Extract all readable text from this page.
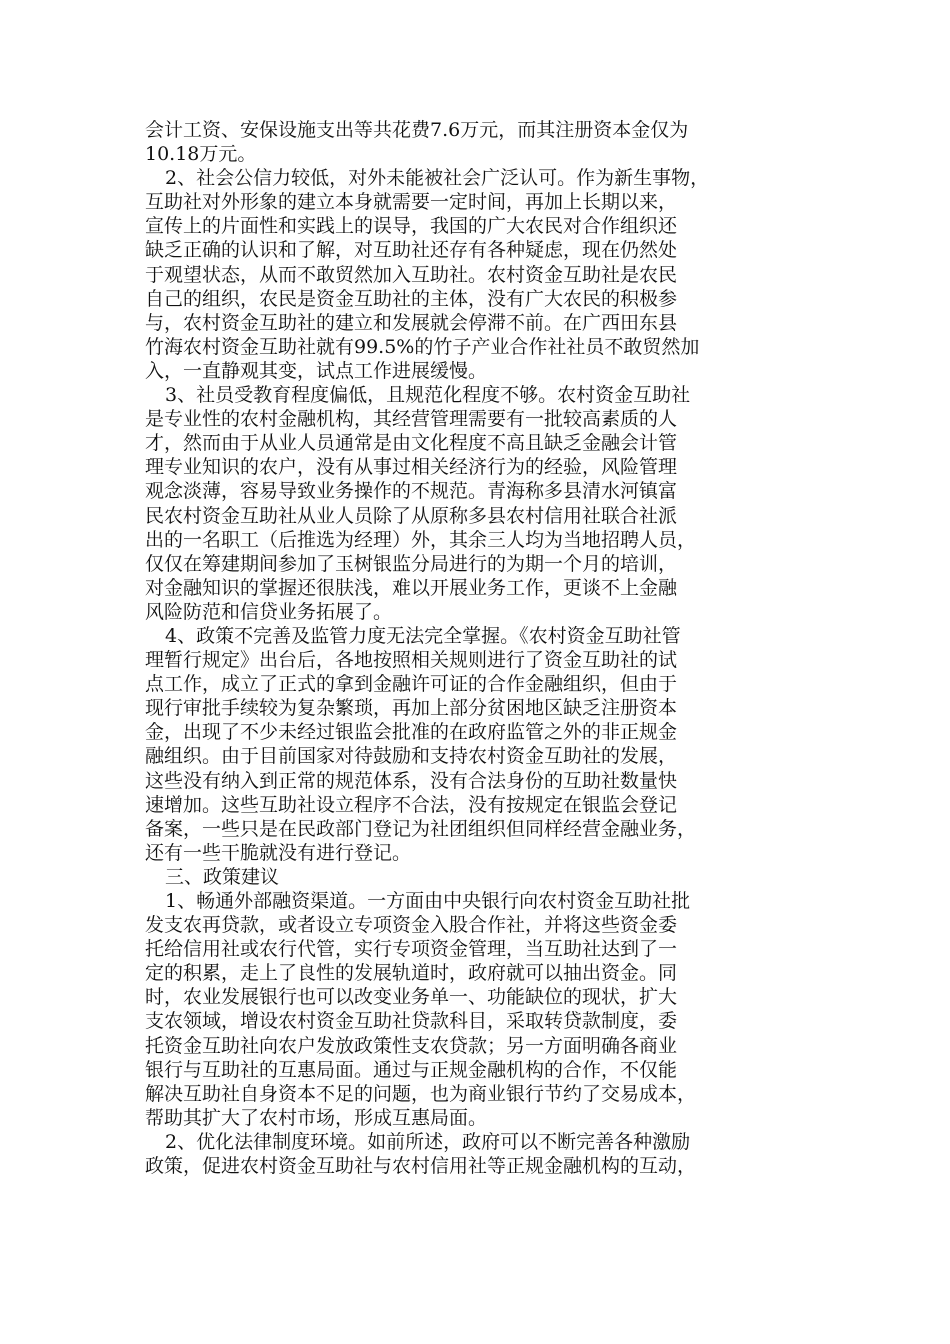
会计工资、安保设施支出等共花费7.6万元，而其注册资本金仅为
10.18万元。
2、社会公信力较低，对外未能被社会广泛认可。作为新生事物，
互助社对外形象的建立本身就需要一定时间，再加上长期以来，
宣传上的片面性和实践上的误导，我国的广大农民对合作组织还
缺乏正确的认识和了解，对互助社还存有各种疑虑，现在仍然处
于观望状态，从而不敢贸然加入互助社。农村资金互助社是农民
自己的组织，农民是资金互助社的主体，没有广大农民的积极参
与，农村资金互助社的建立和发展就会停滞不前。在广西田东县
竹海农村资金互助社就有99.5%的竹子产业合作社社员不敢贸然加
入，一直静观其变，试点工作进展缓慢。
3、社员受教育程度偏低，且规范化程度不够。农村资金互助社
是专业性的农村金融机构，其经营管理需要有一批较高素质的人
才，然而由于从业人员通常是由文化程度不高且缺乏金融会计管
理专业知识的农户，没有从事过相关经济行为的经验，风险管理
观念淡薄，容易导致业务操作的不规范。青海称多县清水河镇富
民农村资金互助社从业人员除了从原称多县农村信用社联合社派
出的一名职工（后推选为经理）外，其余三人均为当地招聘人员，
仅仅在筹建期间参加了玉树银监分局进行的为期一个月的培训，
对金融知识的掌握还很肤浅，难以开展业务工作，更谈不上金融
风险防范和信贷业务拓展了。
4、政策不完善及监管力度无法完全掌握。《农村资金互助社管
理暂行规定》出台后，各地按照相关规则进行了资金互助社的试
点工作，成立了正式的拿到金融许可证的合作金融组织，但由于
现行审批手续较为复杂繁琐，再加上部分贫困地区缺乏注册资本
金，出现了不少未经过银监会批准的在政府监管之外的非正规金
融组织。由于目前国家对待鼓励和支持农村资金互助社的发展，
这些没有纳入到正常的规范体系，没有合法身份的互助社数量快
速增加。这些互助社设立程序不合法，没有按规定在银监会登记
备案，一些只是在民政部门登记为社团组织但同样经营金融业务，
还有一些干脆就没有进行登记。
三、政策建议
1、畅通外部融资渠道。一方面由中央银行向农村资金互助社批
发支农再贷款，或者设立专项资金入股合作社，并将这些资金委
托给信用社或农行代管，实行专项资金管理，当互助社达到了一
定的积累，走上了良性的发展轨道时，政府就可以抽出资金。同
时，农业发展银行也可以改变业务单一、功能缺位的现状，扩大
支农领域，增设农村资金互助社贷款科目，采取转贷款制度，委
托资金互助社向农户发放政策性支农贷款；另一方面明确各商业
银行与互助社的互惠局面。通过与正规金融机构的合作，不仅能
解决互助社自身资本不足的问题，也为商业银行节约了交易成本，
帮助其扩大了农村市场，形成互惠局面。
2、优化法律制度环境。如前所述，政府可以不断完善各种激励
政策，促进农村资金互助社与农村信用社等正规金融机构的互动，
